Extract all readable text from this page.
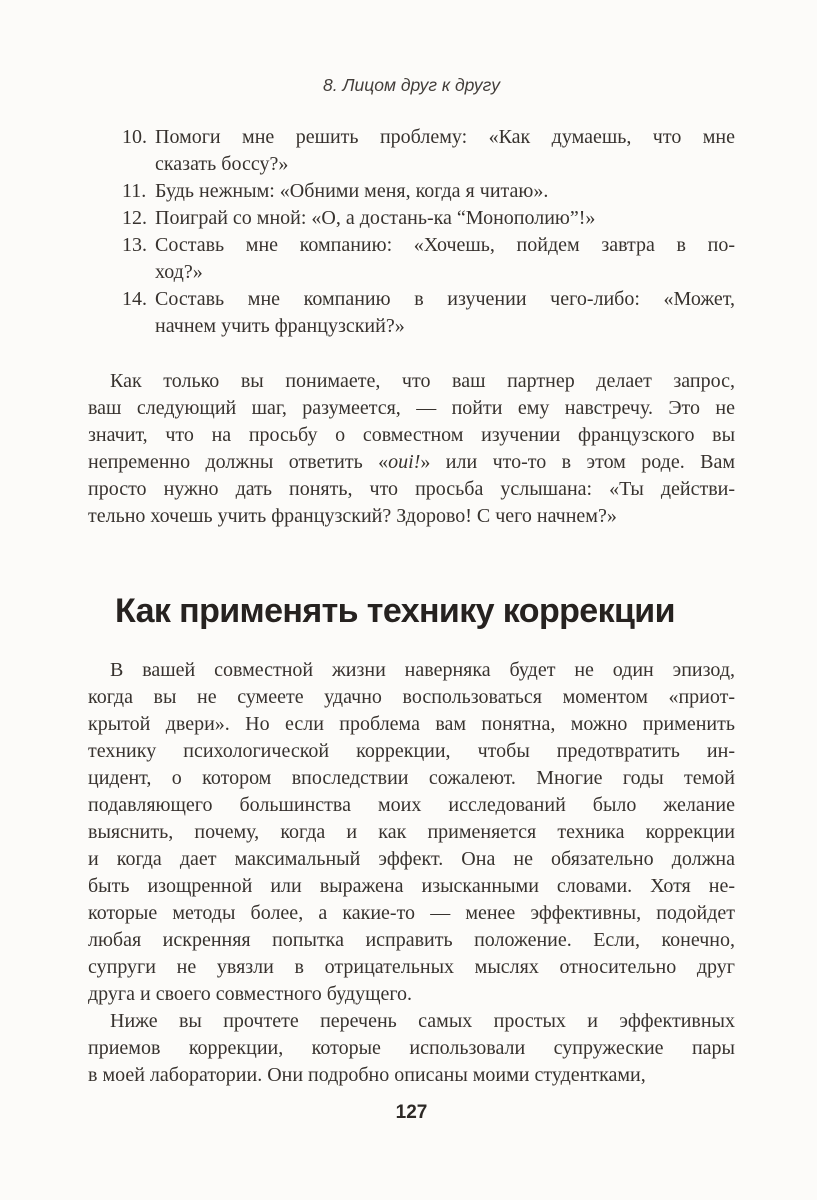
8. Лицом друг к другу
10. Помоги мне решить проблему: «Как думаешь, что мне
сказать боссу?»
11. Будь нежным: «Обними меня, когда я читаю».
12. Поиграй со мной: «О, а достань-ка “Монополию”!»
13. Составь мне компанию: «Хочешь, пойдем завтра в по-
ход?»
14. Составь мне компанию в изучении чего-либо: «Может,
начнем учить французский?»
Как только вы понимаете, что ваш партнер делает запрос,
ваш следующий шаг, разумеется, — пойти ему навстречу. Это не
значит, что на просьбу о совместном изучении французского вы
непременно должны ответить «oui!» или что-то в этом роде. Вам
просто нужно дать понять, что просьба услышана: «Ты действи-
тельно хочешь учить французский? Здорово! С чего начнем?»
Как применять технику коррекции
В вашей совместной жизни наверняка будет не один эпизод,
когда вы не сумеете удачно воспользоваться моментом «приот-
крытой двери». Но если проблема вам понятна, можно применить
технику психологической коррекции, чтобы предотвратить ин-
цидент, о котором впоследствии сожалеют. Многие годы темой
подавляющего большинства моих исследований было желание
выяснить, почему, когда и как применяется техника коррекции
и когда дает максимальный эффект. Она не обязательно должна
быть изощренной или выражена изысканными словами. Хотя не-
которые методы более, а какие-то — менее эффективны, подойдет
любая искренняя попытка исправить положение. Если, конечно,
супруги не увязли в отрицательных мыслях относительно друг
друга и своего совместного будущего.
Ниже вы прочтете перечень самых простых и эффективных
приемов коррекции, которые использовали супружеские пары
в моей лаборатории. Они подробно описаны моими студентками,
127
